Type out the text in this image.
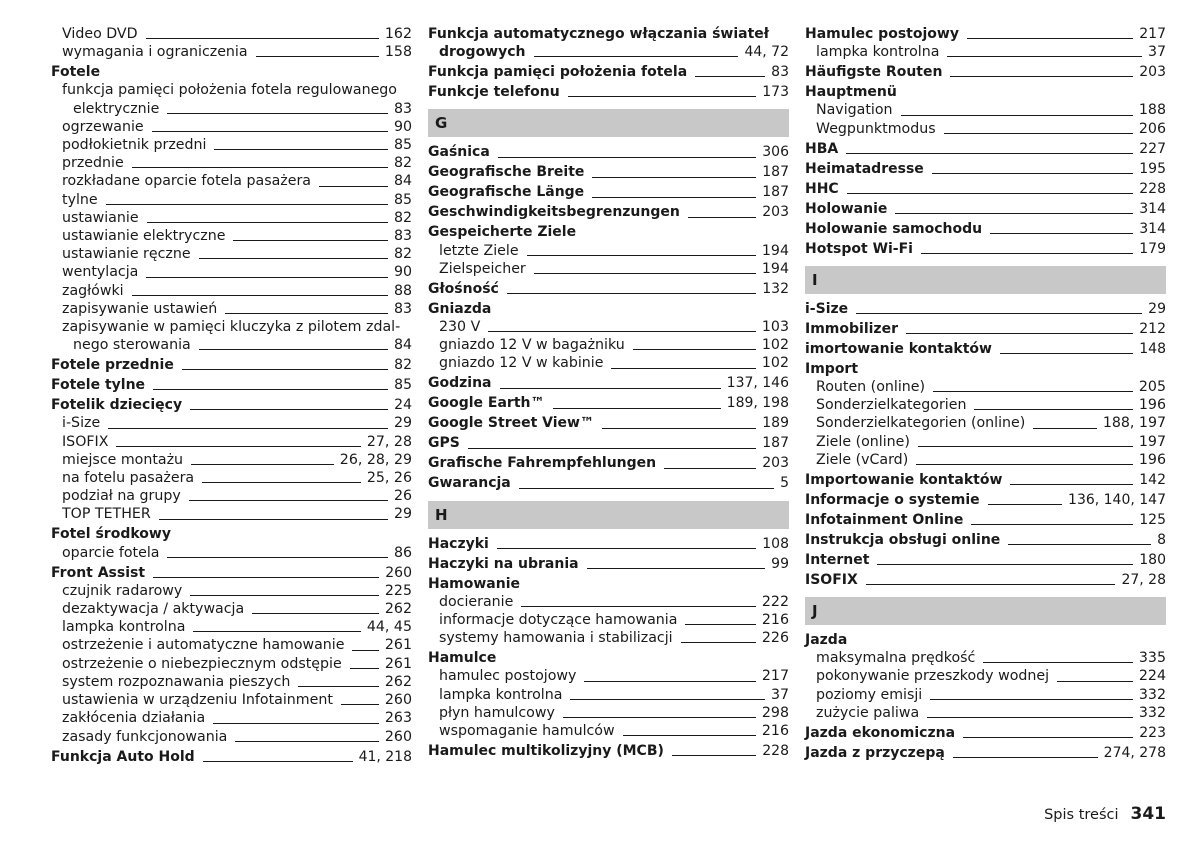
Video DVD	162
wymagania i ograniczenia	158
Fotele
funkcja pamięci położenia fotela regulowanego
elektrycznie	83
ogrzewanie	90
podłokietnik przedni	85
przednie	82
rozkładane oparcie fotela pasażera	84
tylne	85
ustawianie	82
ustawianie elektryczne	83
ustawianie ręczne	82
wentylacja	90
zagłówki	88
zapisywanie ustawień	83
zapisywanie w pamięci kluczyka z pilotem zdal-
nego sterowania	84
Fotele przednie	82
Fotele tylne	85
Fotelik dziecięcy	24
i-Size	29
ISOFIX	27, 28
miejsce montażu	26, 28, 29
na fotelu pasażera	25, 26
podział na grupy	26
TOP TETHER	29
Fotel środkowy
oparcie fotela	86
Front Assist	260
czujnik radarowy	225
dezaktywacja / aktywacja	262
lampka kontrolna	44, 45
ostrzeżenie i automatyczne hamowanie	261
ostrzeżenie o niebezpiecznym odstępie	261
system rozpoznawania pieszych	262
ustawienia w urządzeniu Infotainment	260
zakłócenia działania	263
zasady funkcjonowania	260
Funkcja Auto Hold	41, 218
Funkcja automatycznego włączania świateł
drogowych	44, 72
Funkcja pamięci położenia fotela	83
Funkcje telefonu	173
G
Gaśnica	306
Geografische Breite	187
Geografische Länge	187
Geschwindigkeitsbegrenzungen	203
Gespeicherte Ziele
letzte Ziele	194
Zielspeicher	194
Głośność	132
Gniazda
230 V	103
gniazdo 12 V w bagażniku	102
gniazdo 12 V w kabinie	102
Godzina	137, 146
Google Earth™	189, 198
Google Street View™	189
GPS	187
Grafische Fahrempfehlungen	203
Gwarancja	5
H
Haczyki	108
Haczyki na ubrania	99
Hamowanie
docieranie	222
informacje dotyczące hamowania	216
systemy hamowania i stabilizacji	226
Hamulce
hamulec postojowy	217
lampka kontrolna	37
płyn hamulcowy	298
wspomaganie hamulców	216
Hamulec multikolizyjny (MCB)	228
Hamulec postojowy	217
lampka kontrolna	37
Häufigste Routen	203
Hauptmenü
Navigation	188
Wegpunktmodus	206
HBA	227
Heimatadresse	195
HHC	228
Holowanie	314
Holowanie samochodu	314
Hotspot Wi-Fi	179
I
i-Size	29
Immobilizer	212
imortowanie kontaktów	148
Import
Routen (online)	205
Sonderzielkategorien	196
Sonderzielkategorien (online)	188, 197
Ziele (online)	197
Ziele (vCard)	196
Importowanie kontaktów	142
Informacje o systemie	136, 140, 147
Infotainment Online	125
Instrukcja obsługi online	8
Internet	180
ISOFIX	27, 28
J
Jazda
maksymalna prędkość	335
pokonywanie przeszkody wodnej	224
poziomy emisji	332
zużycie paliwa	332
Jazda ekonomiczna	223
Jazda z przyczepą	274, 278
Spis treści 341
